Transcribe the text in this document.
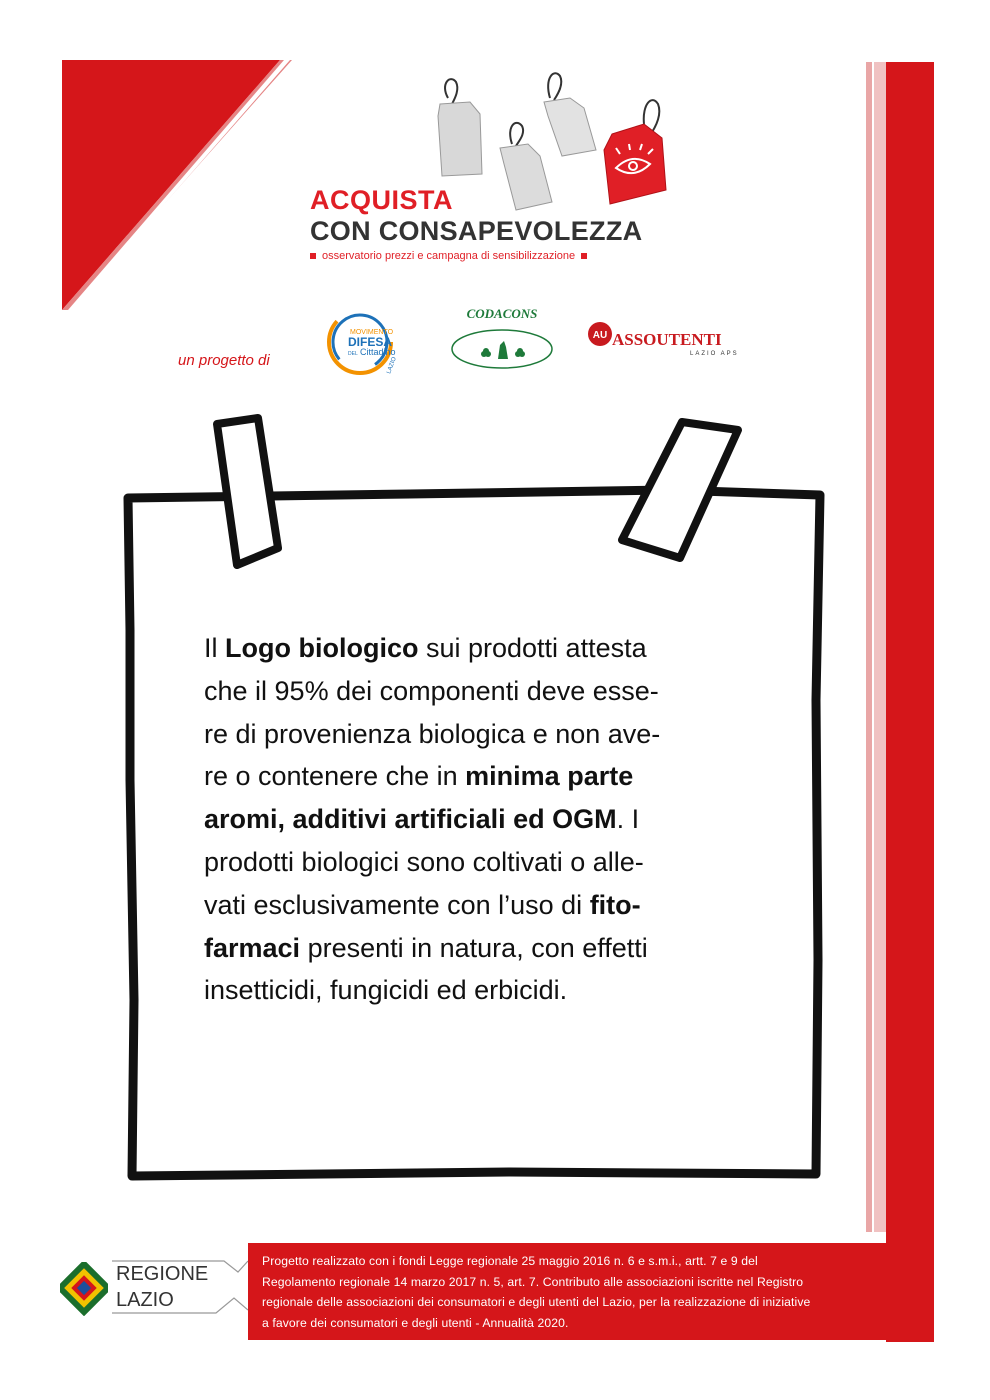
ACQUISTA
CON CONSAPEVOLEZZA
osservatorio prezzi e campagna di sensibilizzazione
un progetto di
MOVIMENTO
DIFESA
DEL Cittadino
LAZIO
CODACONS
AU ASSOUTENTI
LAZIO APS

Il Logo biologico sui prodotti attesta

che il 95% dei componenti deve esse-

re di provenienza biologica e non ave-

re o contenere che in minima parte

aromi, additivi artificiali ed OGM. I

prodotti biologici sono coltivati o alle-

vati esclusivamente con l’uso di fito-

farmaci presenti in natura, con effetti

insetticidi, fungicidi ed erbicidi.

REGIONE
LAZIO
Progetto realizzato con i fondi Legge regionale 25 maggio 2016 n. 6 e s.m.i., artt. 7 e 9 del
Regolamento regionale 14 marzo 2017 n. 5, art. 7. Contributo alle associazioni iscritte nel Registro
regionale delle associazioni dei consumatori e degli utenti del Lazio, per la realizzazione di iniziative
a favore dei consumatori e degli utenti - Annualità 2020.
